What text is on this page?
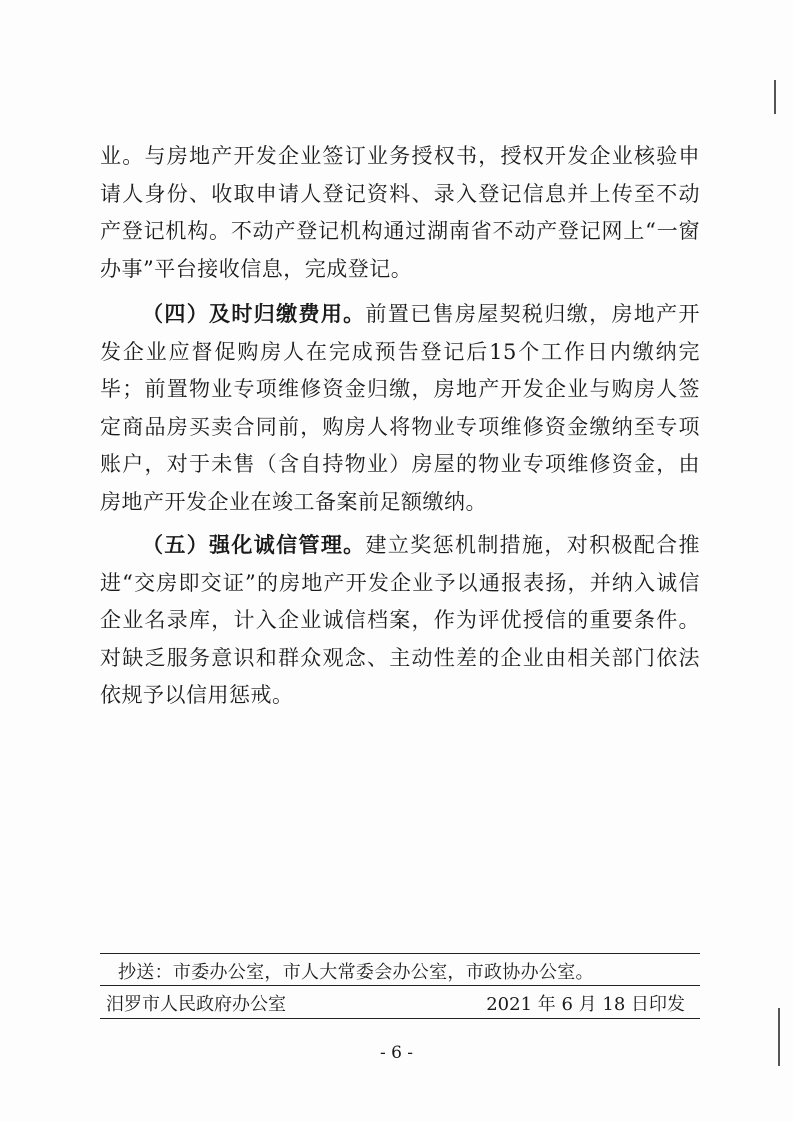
业。与房地产开发企业签订业务授权书，授权开发企业核验申请人身份、收取申请人登记资料、录入登记信息并上传至不动产登记机构。不动产登记机构通过湖南省不动产登记网上“一窗办事”平台接收信息，完成登记。

（四）及时归缴费用。前置已售房屋契税归缴，房地产开发企业应督促购房人在完成预告登记后15个工作日内缴纳完毕；前置物业专项维修资金归缴，房地产开发企业与购房人签定商品房买卖合同前，购房人将物业专项维修资金缴纳至专项账户，对于未售（含自持物业）房屋的物业专项维修资金，由房地产开发企业在竣工备案前足额缴纳。

（五）强化诚信管理。建立奖惩机制措施，对积极配合推进“交房即交证”的房地产开发企业予以通报表扬，并纳入诚信企业名录库，计入企业诚信档案，作为评优授信的重要条件。对缺乏服务意识和群众观念、主动性差的企业由相关部门依法依规予以信用惩戒。

抄送：市委办公室，市人大常委会办公室，市政协办公室。
汨罗市人民政府办公室	2021 年 6 月 18 日印发
- 6 -
